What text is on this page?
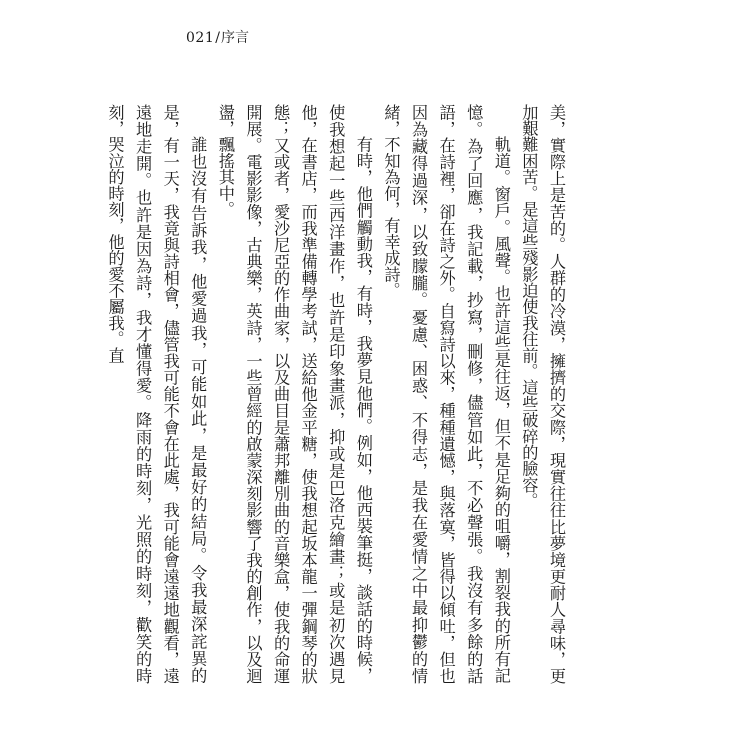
021/序言

美，實際上是苦的。人群的冷漠，擁擠的交際，現實往往比夢境更耐人尋味，更加艱難困苦。是這些殘影迫使我往前。這些破碎的臉容。

軌道。窗戶。風聲。也許這些是往返，但不是足夠的咀嚼，割裂我的所有記憶。為了回應，我記載，抄寫，刪修，儘管如此，不必聲張。我沒有多餘的話語，在詩裡，卻在詩之外。自寫詩以來，種種遺憾，與落寞，皆得以傾吐，但也因為藏得過深，以致朦朧。憂慮、困惑、不得志，是我在愛情之中最抑鬱的情緒，不知為何，有幸成詩。

有時，他們觸動我，有時，我夢見他們。例如，他西裝筆挺，談話的時候，使我想起一些西洋畫作，也許是印象畫派，抑或是巴洛克繪畫；或是初次遇見他，在書店，而我準備轉學考試，送給他金平糖，使我想起坂本龍一彈鋼琴的狀態；又或者，愛沙尼亞的作曲家，以及曲目是蕭邦離別曲的音樂盒，使我的命運開展。電影影像，古典樂，英詩，一些曾經的啟蒙深刻影響了我的創作，以及迴盪，飄搖其中。

誰也沒有告訴我，他愛過我，可能如此，是最好的結局。令我最深詫異的是，有一天，我竟與詩相會，儘管我可能不會在此處，我可能會遠遠地觀看，遠遠地走開。也許是因為詩，我才懂得愛。降雨的時刻，光照的時刻，歡笑的時刻，哭泣的時刻，他的愛不屬我。直
